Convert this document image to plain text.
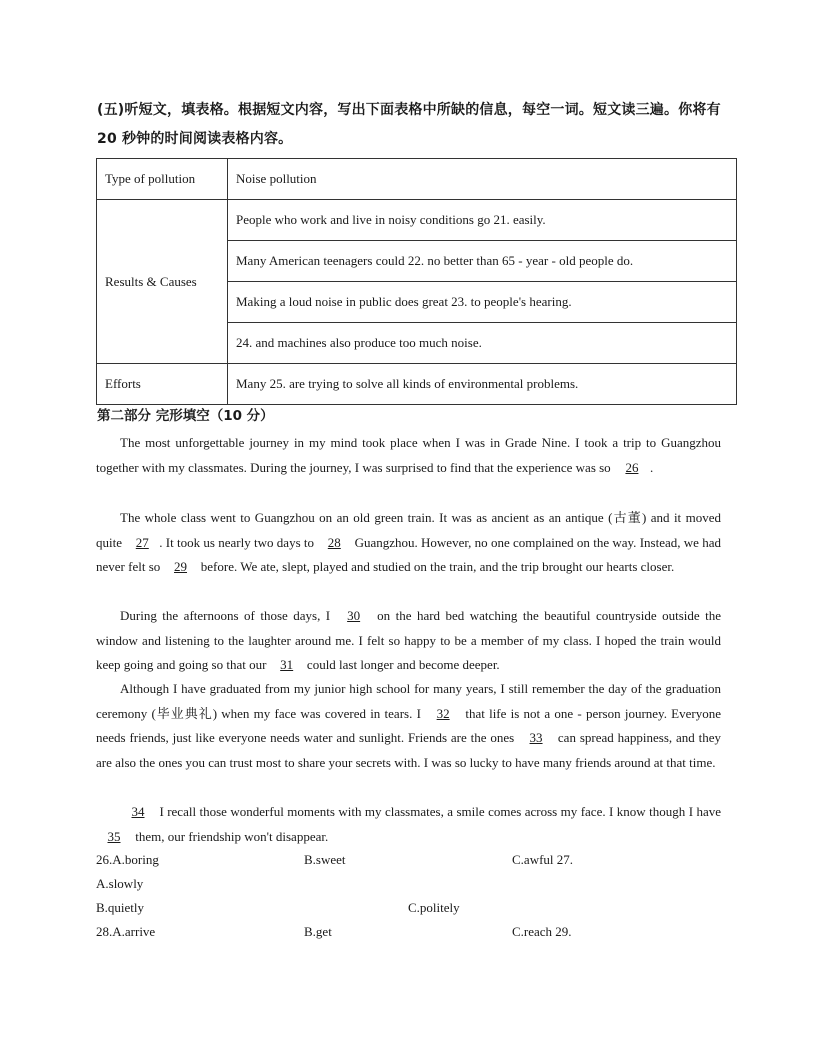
(五)听短文，填表格。根据短文内容，写出下面表格中所缺的信息，每空一词。短文读三遍。你将有 20 秒钟的时间阅读表格内容。
Type of pollution	Noise pollution
Results & Causes	People who work and live in noisy conditions go 21. easily.
	Many American teenagers could 22. no better than 65 - year - old people do.
	Making a loud noise in public does great 23. to people's hearing.
	24. and machines also produce too much noise.
Efforts	Many 25. are trying to solve all kinds of environmental problems.
第二部分 完形填空（10 分）

The most unforgettable journey in my mind took place when I was in Grade Nine. I took a trip to Guangzhou together with my classmates. During the journey, I was surprised to find that the experience was so 26 .

The whole class went to Guangzhou on an old green train. It was as ancient as an antique (古董) and it moved quite 27 . It took us nearly two days to 28 Guangzhou. However, no one complained on the way. Instead, we had never felt so 29 before. We ate, slept, played and studied on the train, and the trip brought our hearts closer.

During the afternoons of those days, I 30 on the hard bed watching the beautiful countryside outside the window and listening to the laughter around me. I felt so happy to be a member of my class. I hoped the train would keep going and going so that our 31 could last longer and become deeper.

Although I have graduated from my junior high school for many years, I still remember the day of the graduation ceremony (毕业典礼) when my face was covered in tears. I 32 that life is not a one - person journey. Everyone needs friends, just like everyone needs water and sunlight. Friends are the ones 33 can spread happiness, and they are also the ones you can trust most to share your secrets with. I was so lucky to have many friends around at that time.

34 I recall those wonderful moments with my classmates, a smile comes across my face. I know though I have 35 them, our friendship won't disappear.

26.A.boring	B.sweet	C.awful 27.
A.slowly
B.quietly	C.politely
28.A.arrive	B.get	C.reach 29.
